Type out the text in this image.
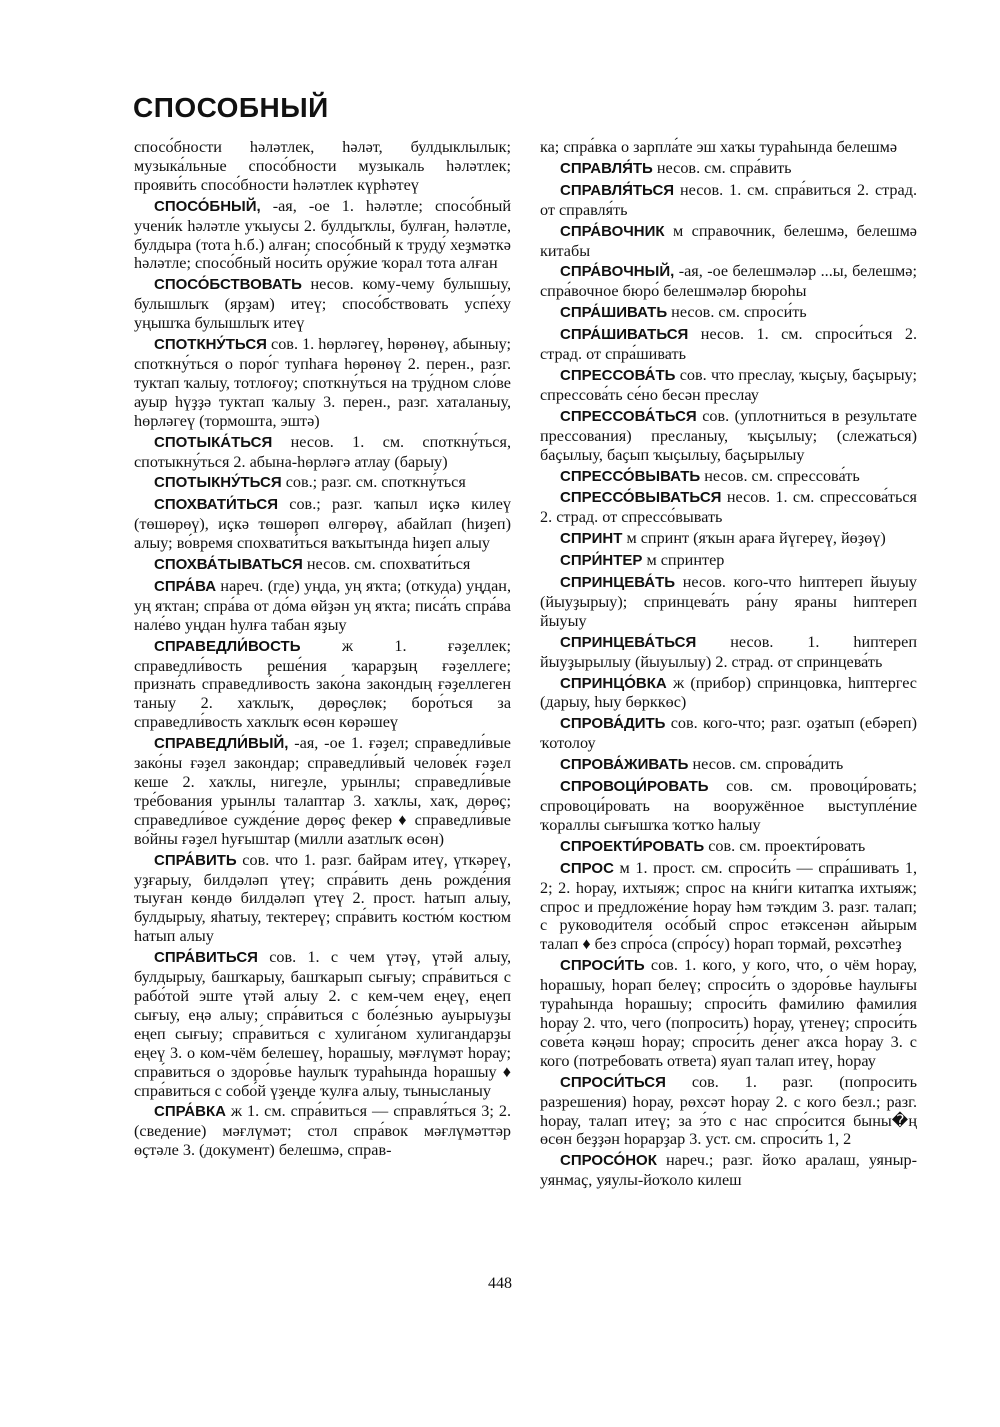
СПОСОБНЫЙ

спосо́бности һәләтлек, һәләт, булдыклылык; музыка́льные спосо́бности музыкаль һәләтлек; прояви́ть спосо́бности һәләтлек күрһәтеү

СПОСО́БНЫЙ, -ая, -ое 1. һәләтле; спосо́бный учени́к һәләтле уҡыусы 2. булдыҡлы, булған, һәләтле, булдыра (тота һ.б.) алған; спосо́бный к труду́ хеҙмәткә һәләтле; спосо́бный носи́ть ору́жие ҡорал тота алған

СПОСО́БСТВОВАТЬ несов. кому-чему булышыу, булышлыҡ (ярҙам) итеү; спосо́бствовать успе́ху уңышҡа булышлыҡ итеү

СПОТКНУ́ТЬСЯ сов. 1. һөрләгеү, һөрөнөү, абыныу; споткну́ться о поро́г тупһаға һөрөнөү 2. перен., разг. туктап ҡалыу, тотлоғоу; споткну́ться на тру́дном сло́ве ауыр һүҙҙә туктап ҡалыу 3. перен., разг. хаталаныу, һөрләгеү (тормошта, эштә)

СПОТЫКА́ТЬСЯ несов. 1. см. споткну́ться, спотыкну́ться 2. абына-һөрләгә атлау (барыу)

СПОТЫКНУ́ТЬСЯ сов.; разг. см. споткну́ться

СПОХВАТИ́ТЬСЯ сов.; разг. ҡапыл иҫкә килеү (төшөрөү), иҫкә төшөрөп өлгөрөү, абайлап (һиҙеп) алыу; во́время спохвати́ться ваҡытында һиҙеп алыу

СПОХВА́ТЫВАТЬСЯ несов. см. спохвати́ться

СПРА́ВА нареч. (где) уңда, уң яҡта; (откуда) уңдан, уң яҡтан; спра́ва от до́ма өйҙән уң яҡта; писа́ть спра́ва нале́во уңдан һулға табан яҙыу

СПРАВЕДЛИ́ВОСТЬ ж 1. ғәҙеллек; справедли́вость реше́ния ҡарарҙың ғәҙеллеге; призна́ть справедли́вость зако́на закондың ғәҙеллеген таныу 2. хаҡлыҡ, дөрөҫлөк; боро́ться за справедли́вость хаҡлыҡ өсөн көрәшеү

СПРАВЕДЛИ́ВЫЙ, -ая, -ое 1. ғәҙел; справедли́вые зако́ны ғәҙел закондар; справедли́вый челове́к ғәҙел кеше 2. хаҡлы, нигеҙле, урынлы; справедли́вые тре́бования урынлы талаптар 3. хаҡлы, хаҡ, дөрөҫ; справедли́вое сужде́ние дөрөҫ фекер ♦ справедли́вые во́йны ғәҙел һуғыштар (милли азатлыҡ өсөн)

СПРА́ВИТЬ сов. что 1. разг. байрам итеү, үткәреү, уҙғарыу, билдәләп үтеү; спра́вить день рожде́ния тыуған көндө билдәләп үтеү 2. прост. һатып алыу, булдырыу, яһатыу, тектереү; спра́вить костю́м костюм һатып алыу

СПРА́ВИТЬСЯ сов. 1. с чем үтәү, үтәй алыу, булдырыу, башҡарыу, башҡарып сығыу; спра́виться с рабо́той эште үтәй алыу 2. с кем-чем еңеү, еңеп сығыу, еңә алыу; спра́виться с боле́знью ауырыуҙы еңеп сығыу; спра́виться с хулига́ном хулигандарҙы еңеү 3. о ком-чём белешеү, һорашыу, мәғлүмәт һорау; спра́виться о здоро́вье һаулыҡ тураһында һорашыу ♦ спра́виться с собо́й үҙеңде ҡулға алыу, тынысланыу

СПРА́ВКА ж 1. см. спра́виться — справля́ться 3; 2. (сведение) мәғлүмәт; стол спра́вок мәғлүмәттәр өҫтәле 3. (документ) белешмә, справ-

ка; спра́вка о зарпла́те эш хаҡы тураһында белешмә

СПРАВЛЯ́ТЬ несов. см. спра́вить

СПРАВЛЯ́ТЬСЯ несов. 1. см. спра́виться 2. страд. от справля́ть

СПРА́ВОЧНИК м справочник, белешмә, белешмә китабы

СПРА́ВОЧНЫЙ, -ая, -ое белешмәләр ...ы, белешмә; спра́вочное бюро́ белешмәләр бюроһы

СПРА́ШИВАТЬ несов. см. спроси́ть

СПРА́ШИВАТЬСЯ несов. 1. см. спроси́ться 2. страд. от спра́шивать

СПРЕССОВА́ТЬ сов. что преслау, ҡыҫыу, баҫырыу; спрессова́ть се́но бесән преслау

СПРЕССОВА́ТЬСЯ сов. (уплотниться в результате прессования) пресланыу, ҡыҫылыу; (слежаться) баҫылыу, баҫып ҡыҫылыу, баҫырылыу

СПРЕССО́ВЫВАТЬ несов. см. спрессова́ть

СПРЕССО́ВЫВАТЬСЯ несов. 1. см. спрессова́ться 2. страд. от спрессо́вывать

СПРИНТ м спринт (яҡын араға йүгереү, йөҙөү)

СПРИ́НТЕР м спринтер

СПРИНЦЕВА́ТЬ несов. кого-что һиптереп йыуыу (йыуҙырыу); спринцева́ть ра́ну яраны һиптереп йыуыу

СПРИНЦЕВА́ТЬСЯ несов. 1. һиптереп йыуҙырылыу (йыуылыу) 2. страд. от спринцева́ть

СПРИНЦО́ВКА ж (прибор) спринцовка, һиптергес (дарыу, һыу бөрккөс)

СПРОВА́ДИТЬ сов. кого-что; разг. оҙатып (ебәреп) ҡотолоу

СПРОВА́ЖИВАТЬ несов. см. спрова́дить

СПРОВОЦИ́РОВАТЬ сов. см. провоци́ровать; спровоци́ровать на вооружённое выступле́ние ҡораллы сығышҡа ҡотҡо һалыу

СПРОЕКТИ́РОВАТЬ сов. см. проекти́ровать

СПРОС м 1. прост. см. спроси́ть — спра́шивать 1, 2; 2. һорау, ихтыяж; спрос на кни́ги китапҡа ихтыяж; спрос и предложе́ние һорау һәм тәҡдим 3. разг. талап; с руководи́теля осо́бый спрос етәксенән айырым талап ♦ без спро́са (спро́су) һорап тормай, рөхсәтһеҙ

СПРОСИ́ТЬ сов. 1. кого, у кого, что, о чём һорау, һорашыу, һорап белеү; спроси́ть о здоро́вье һаулығы тураһында һорашыу; спроси́ть фами́лию фамилия һорау 2. что, чего (попросить) һорау, үтенеү; спроси́ть сове́та кәңәш һорау; спроси́ть де́нег аҡса һорау 3. с кого (потребовать ответа) яуап талап итеү, һорау

СПРОСИ́ТЬСЯ сов. 1. разг. (попросить разрешения) һорау, рөхсәт һорау 2. с кого безл.; разг. һорау, талап итеү; за э́то с нас спро́сится быны�ң өсөн беҙҙән һорарҙар 3. уст. см. спроси́ть 1, 2

СПРОСО́НОК нареч.; разг. йоҡо аралаш, уяныр-уянмаҫ, уяулы-йоҡоло килеш

448
